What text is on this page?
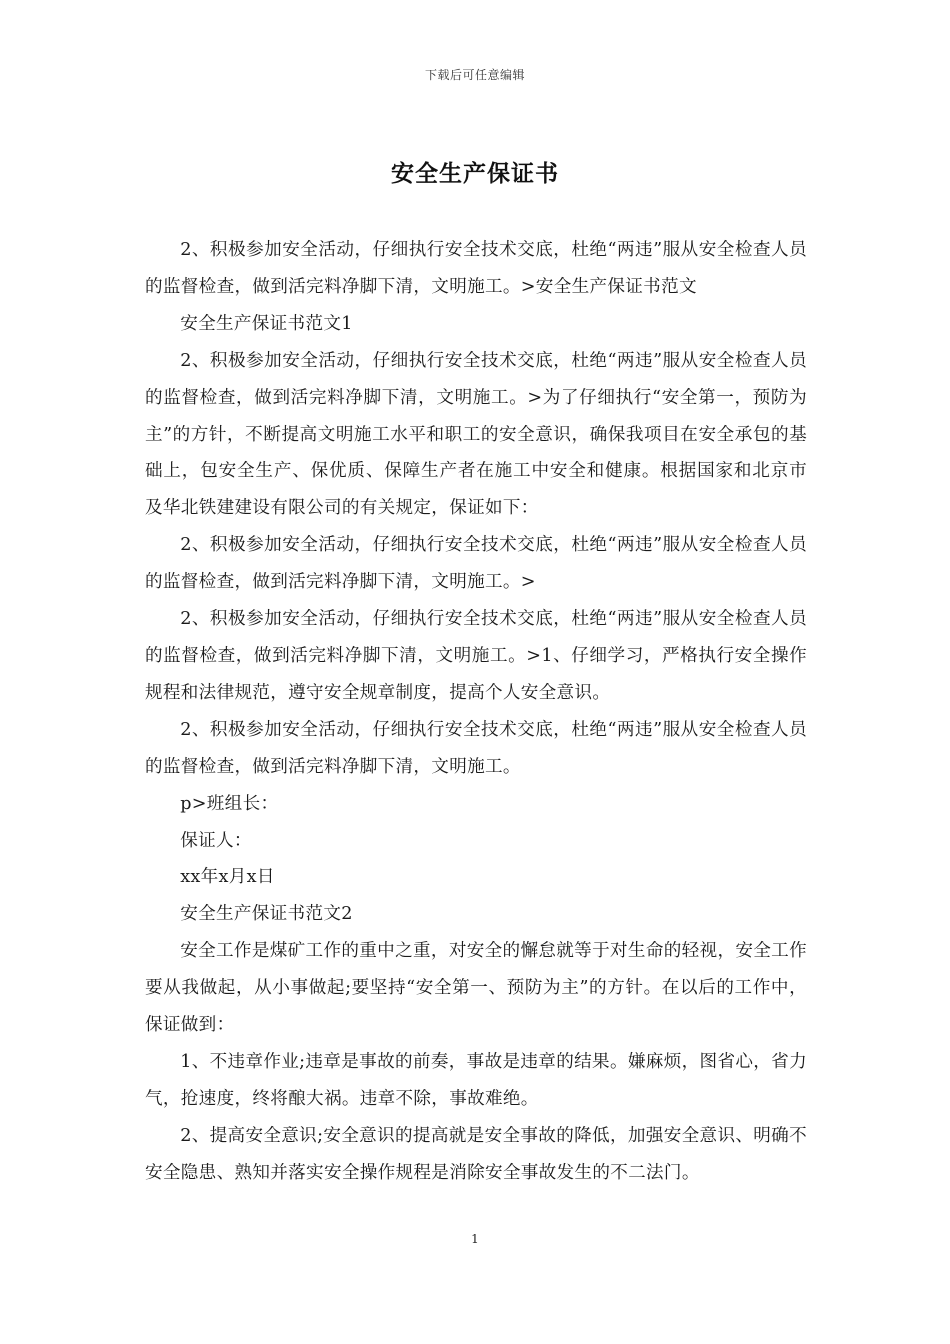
下载后可任意编辑
安全生产保证书

2、积极参加安全活动，仔细执行安全技术交底，杜绝“两违”服从安全检查人员的监督检查，做到活完料净脚下清，文明施工。>安全生产保证书范文

安全生产保证书范文1

2、积极参加安全活动，仔细执行安全技术交底，杜绝“两违”服从安全检查人员的监督检查，做到活完料净脚下清，文明施工。>为了仔细执行“安全第一，预防为主”的方针，不断提高文明施工水平和职工的安全意识，确保我项目在安全承包的基础上，包安全生产、保优质、保障生产者在施工中安全和健康。根据国家和北京市及华北铁建建设有限公司的有关规定，保证如下：

2、积极参加安全活动，仔细执行安全技术交底，杜绝“两违”服从安全检查人员的监督检查，做到活完料净脚下清，文明施工。>

2、积极参加安全活动，仔细执行安全技术交底，杜绝“两违”服从安全检查人员的监督检查，做到活完料净脚下清，文明施工。>1、仔细学习，严格执行安全操作规程和法律规范，遵守安全规章制度，提高个人安全意识。

2、积极参加安全活动，仔细执行安全技术交底，杜绝“两违”服从安全检查人员的监督检查，做到活完料净脚下清，文明施工。

p>班组长：

保证人：

xx年x月x日

安全生产保证书范文2

安全工作是煤矿工作的重中之重，对安全的懈怠就等于对生命的轻视，安全工作要从我做起，从小事做起;要坚持“安全第一、预防为主”的方针。在以后的工作中，保证做到：

1、不违章作业;违章是事故的前奏，事故是违章的结果。嫌麻烦，图省心，省力气，抢速度，终将酿大祸。违章不除，事故难绝。

2、提高安全意识;安全意识的提高就是安全事故的降低，加强安全意识、明确不安全隐患、熟知并落实安全操作规程是消除安全事故发生的不二法门。

1
